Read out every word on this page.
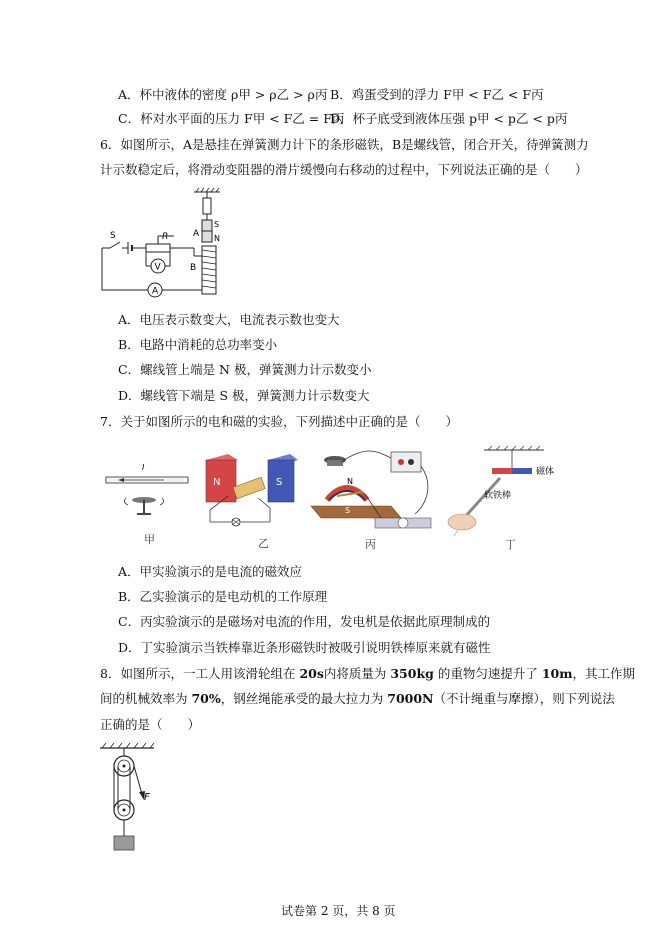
A．杯中液体的密度 ρ甲 > ρ乙 > ρ丙 B．鸡蛋受到的浮力 F甲 < F乙 < F丙
C．杯对水平面的压力 F甲 < F乙 = F丙
D．杯子底受到液体压强 p甲 < p乙 < p丙
6．如图所示，A是悬挂在弹簧测力计下的条形磁铁，B是螺线管，闭合开关，待弹簧测力
计示数稳定后，将滑动变阻器的滑片缓慢向右移动的过程中，下列说法正确的是（　　）
A
S
N
B
A
S	R
V
A．电压表示数变大，电流表示数也变大
B．电路中消耗的总功率变小
C．螺线管上端是 N 极，弹簧测力计示数变小
D．螺线管下端是 S 极，弹簧测力计示数变大
7．关于如图所示的电和磁的实验，下列描述中正确的是（　　）
I
甲
N	S
乙
N
S
丙
磁体
软铁棒
丁
A．甲实验演示的是电流的磁效应
B．乙实验演示的是电动机的工作原理
C．丙实验演示的是磁场对电流的作用，发电机是依据此原理制成的
D．丁实验演示当铁棒靠近条形磁铁时被吸引说明铁棒原来就有磁性
8．如图所示，一工人用该滑轮组在 20s内将质量为 350kg 的重物匀速提升了 10m，其工作期
间的机械效率为 70%，钢丝绳能承受的最大拉力为 7000N（不计绳重与摩擦），则下列说法
正确的是（　　）
F
试卷第 2 页，共 8 页
